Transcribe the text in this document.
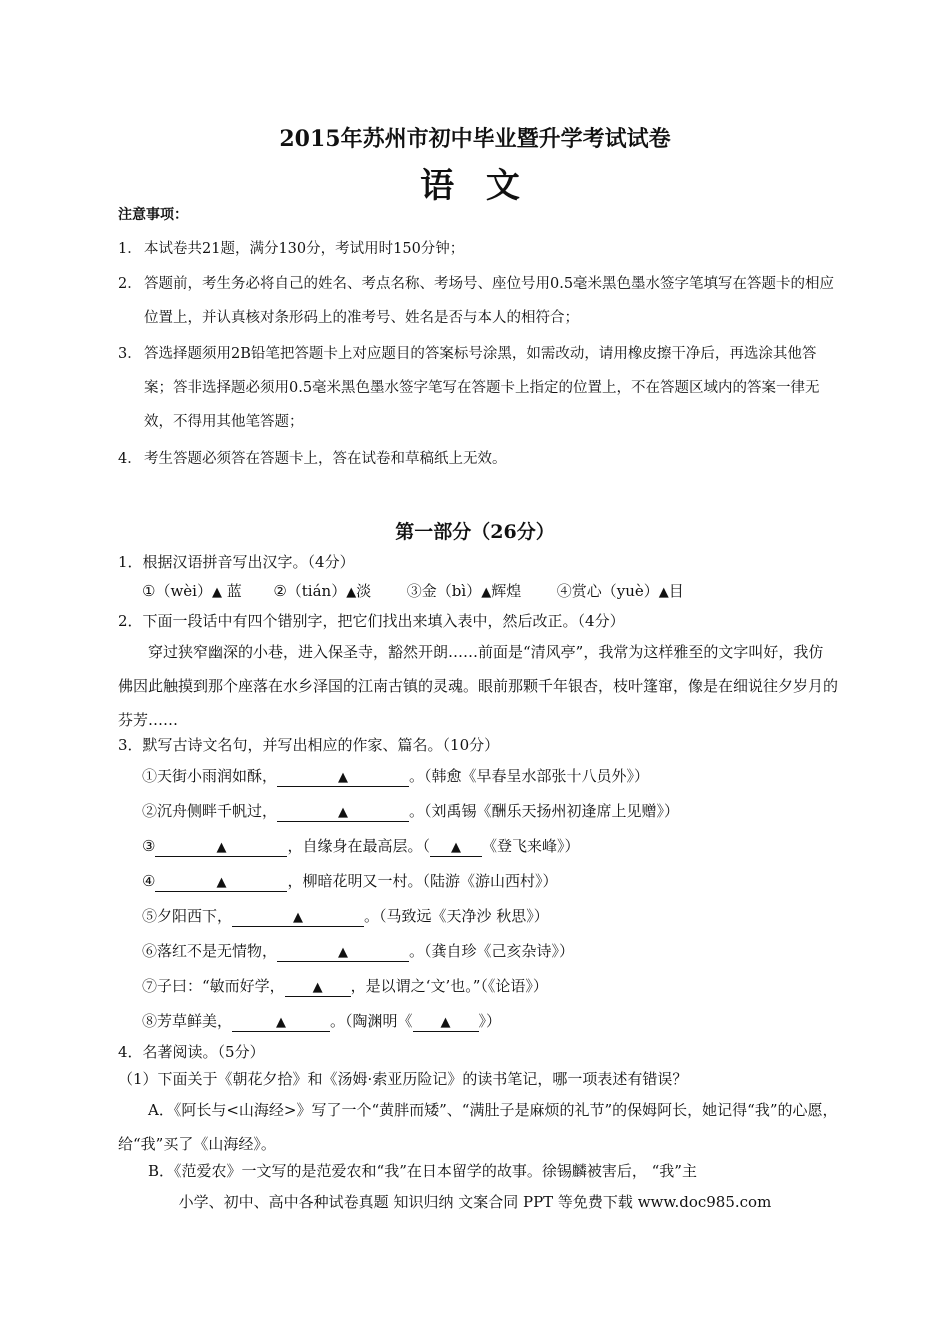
2015年苏州市初中毕业暨升学考试试卷
语 文
注意事项：
1． 本试卷共21题，满分130分，考试用时150分钟；
2． 答题前，考生务必将自己的姓名、考点名称、考场号、座位号用0.5毫米黑色墨水签字笔填写在答题卡的相应位置上，并认真核对条形码上的准考号、姓名是否与本人的相符合；
3． 答选择题须用2B铅笔把答题卡上对应题目的答案标号涂黑，如需改动，请用橡皮擦干净后，再选涂其他答案；答非选择题必须用0.5毫米黑色墨水签字笔写在答题卡上指定的位置上，不在答题区域内的答案一律无效，不得用其他笔答题；
4． 考生答题必须答在答题卡上，答在试卷和草稿纸上无效。
第一部分（26分）
1．根据汉语拼音写出汉字。（4分）
①（wèi）▲ 蓝 ②（tián）▲淡 ③金（bì）▲辉煌 ④赏心（yuè）▲目
2．下面一段话中有四个错别字，把它们找出来填入表中，然后改正。（4分）
穿过狭窄幽深的小巷，进入保圣寺，豁然开朗……前面是“清风亭”，我常为这样雅至的文字叫好，我仿佛因此触摸到那个座落在水乡泽国的江南古镇的灵魂。眼前那颗千年银杏，枝叶篷窜，像是在细说往夕岁月的芬芳……
3．默写古诗文名句，并写出相应的作家、篇名。（10分）
①天街小雨润如酥，	▲	。（韩愈《早春呈水部张十八员外》）
②沉舟侧畔千帆过，	▲	。（刘禹锡《酬乐天扬州初逢席上见赠》）
③	▲	，自缘身在最高层。（ ▲ 《登飞来峰》）
④	▲	，柳暗花明又一村。（陆游《游山西村》）
⑤夕阳西下，	▲	。（马致远《天净沙 秋思》）
⑥落红不是无情物，	▲	。（龚自珍《己亥杂诗》）
⑦子曰：“敏而好学， ▲ ，是以谓之‘文’也。”（《论语》）
⑧芳草鲜美，	▲	。（陶渊明《 ▲ 》）
4．名著阅读。（5分）
（1）下面关于《朝花夕拾》和《汤姆·索亚历险记》的读书笔记，哪一项表述有错误？
A．《阿长与<山海经>》写了一个“黄胖而矮”、“满肚子是麻烦的礼节”的保姆阿长，她记得“我”的心愿，给“我”买了《山海经》。
B．《范爱农》一文写的是范爱农和“我”在日本留学的故事。徐锡麟被害后， “我”主
小学、初中、高中各种试卷真题 知识归纳 文案合同 PPT 等免费下载 www.doc985.com
